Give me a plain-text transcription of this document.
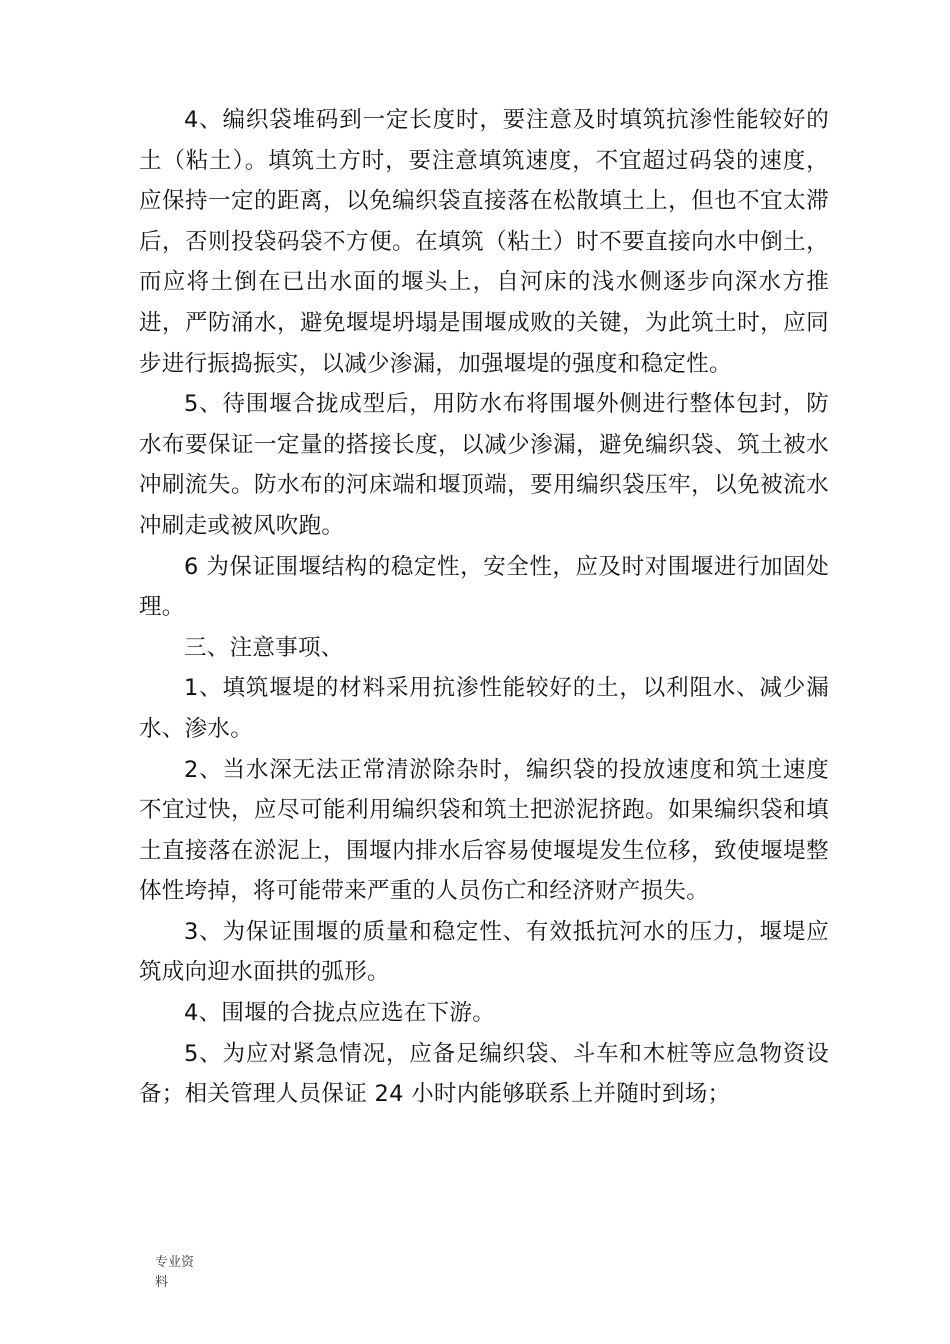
4、编织袋堆码到一定长度时，要注意及时填筑抗渗性能较好的土（粘土）。填筑土方时，要注意填筑速度，不宜超过码袋的速度，应保持一定的距离，以免编织袋直接落在松散填土上，但也不宜太滞后，否则投袋码袋不方便。在填筑（粘土）时不要直接向水中倒土，而应将土倒在已出水面的堰头上，自河床的浅水侧逐步向深水方推进，严防涌水，避免堰堤坍塌是围堰成败的关键，为此筑土时，应同步进行振捣振实，以减少渗漏，加强堰堤的强度和稳定性。

5、待围堰合拢成型后，用防水布将围堰外侧进行整体包封，防水布要保证一定量的搭接长度，以减少渗漏，避免编织袋、筑土被水冲刷流失。防水布的河床端和堰顶端，要用编织袋压牢，以免被流水冲刷走或被风吹跑。

6 为保证围堰结构的稳定性，安全性，应及时对围堰进行加固处理。

三、注意事项、

1、填筑堰堤的材料采用抗渗性能较好的土，以利阻水、减少漏水、渗水。

2、当水深无法正常清淤除杂时，编织袋的投放速度和筑土速度不宜过快，应尽可能利用编织袋和筑土把淤泥挤跑。如果编织袋和填土直接落在淤泥上，围堰内排水后容易使堰堤发生位移，致使堰堤整体性垮掉，将可能带来严重的人员伤亡和经济财产损失。

3、为保证围堰的质量和稳定性、有效抵抗河水的压力，堰堤应筑成向迎水面拱的弧形。

4、围堰的合拢点应选在下游。

5、为应对紧急情况，应备足编织袋、斗车和木桩等应急物资设备；相关管理人员保证 24 小时内能够联系上并随时到场；

专业资料
